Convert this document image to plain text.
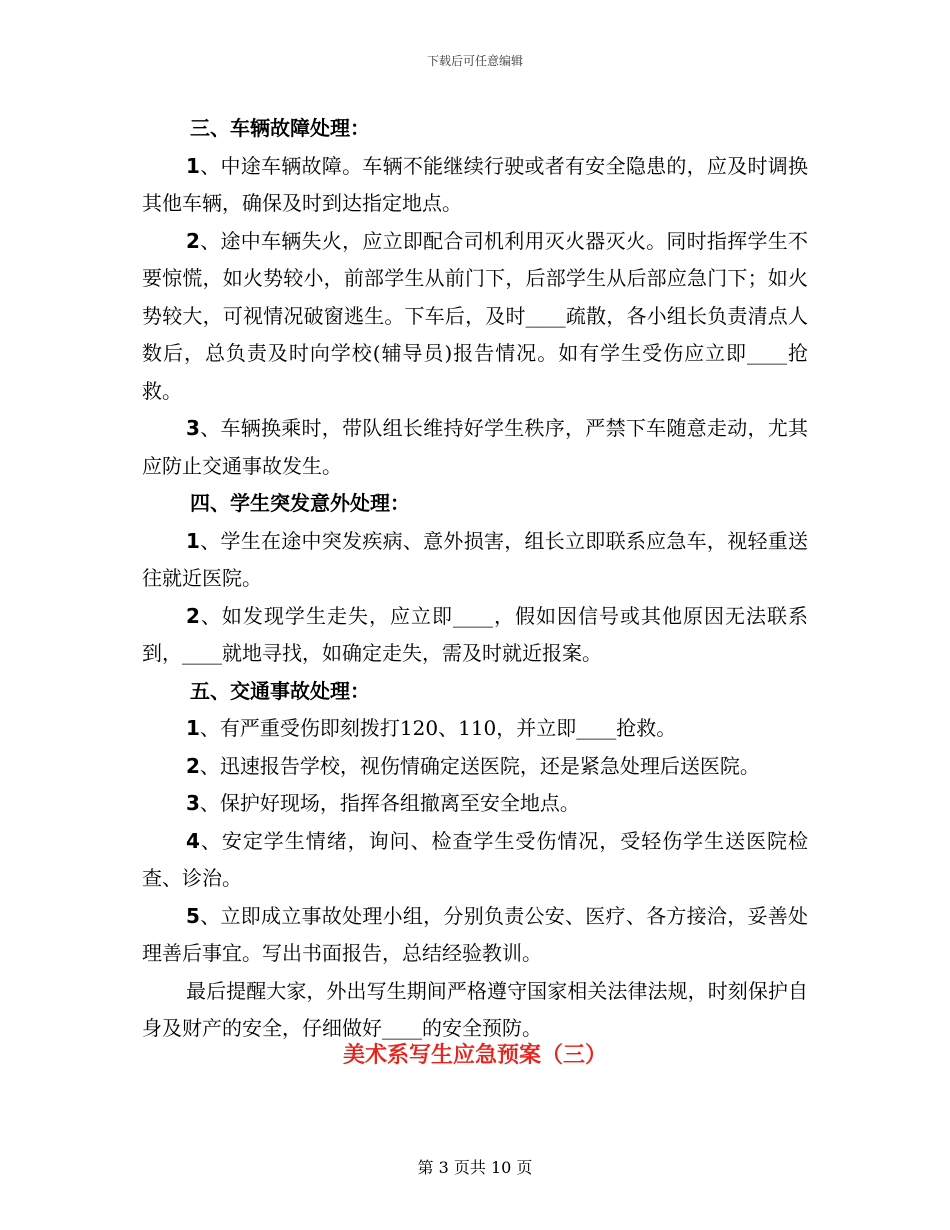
下载后可任意编辑

三、车辆故障处理：

1、中途车辆故障。车辆不能继续行驶或者有安全隐患的，应及时调换其他车辆，确保及时到达指定地点。

2、途中车辆失火，应立即配合司机利用灭火器灭火。同时指挥学生不要惊慌，如火势较小，前部学生从前门下，后部学生从后部应急门下；如火势较大，可视情况破窗逃生。下车后，及时____疏散，各小组长负责清点人数后，总负责及时向学校(辅导员)报告情况。如有学生受伤应立即____抢救。

3、车辆换乘时，带队组长维持好学生秩序，严禁下车随意走动，尤其应防止交通事故发生。

四、学生突发意外处理：

1、学生在途中突发疾病、意外损害，组长立即联系应急车，视轻重送往就近医院。

2、如发现学生走失，应立即____，假如因信号或其他原因无法联系到，____就地寻找，如确定走失，需及时就近报案。

五、交通事故处理：

1、有严重受伤即刻拨打120、110，并立即____抢救。

2、迅速报告学校，视伤情确定送医院，还是紧急处理后送医院。

3、保护好现场，指挥各组撤离至安全地点。

4、安定学生情绪，询问、检查学生受伤情况，受轻伤学生送医院检查、诊治。

5、立即成立事故处理小组，分别负责公安、医疗、各方接洽，妥善处理善后事宜。写出书面报告，总结经验教训。

最后提醒大家，外出写生期间严格遵守国家相关法律法规，时刻保护自身及财产的安全，仔细做好____的安全预防。

美术系写生应急预案（三）
第 3 页共 10 页
